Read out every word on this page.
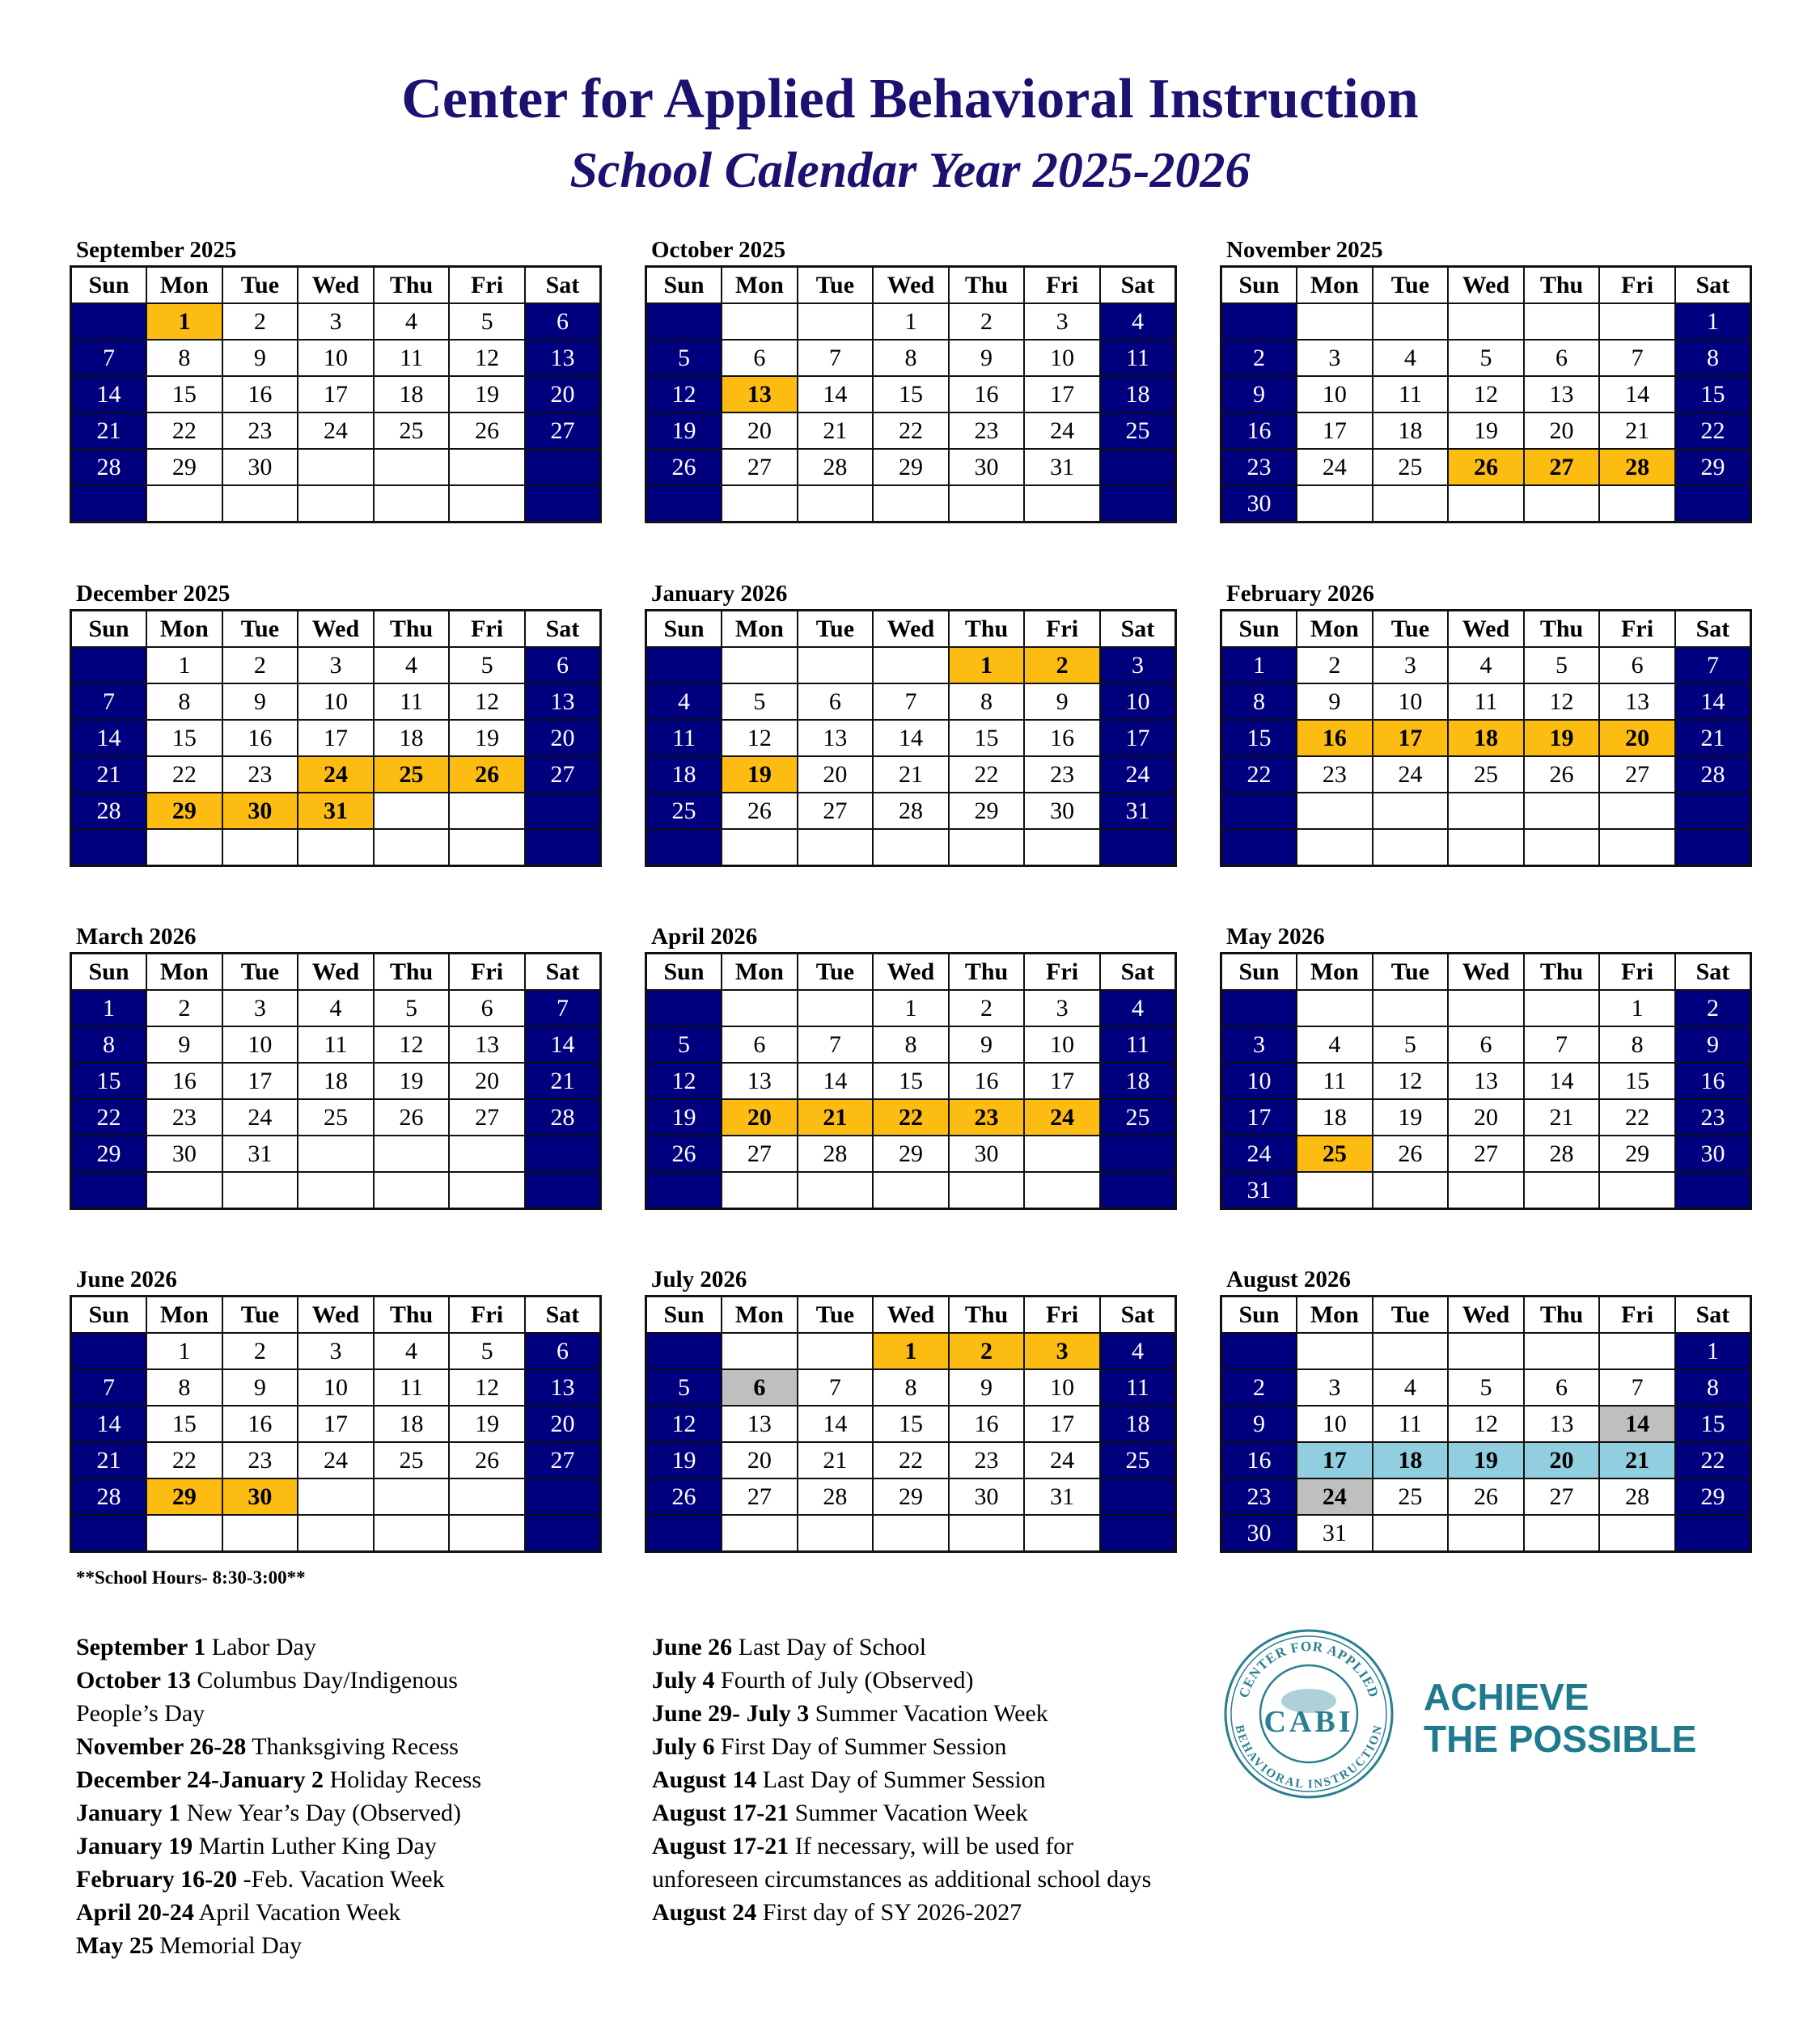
Center for Applied Behavioral Instruction
School Calendar Year 2025-2026
September 2025
Sun	Mon	Tue	Wed	Thu	Fri	Sat
	1	2	3	4	5	6
7	8	9	10	11	12	13
14	15	16	17	18	19	20
21	22	23	24	25	26	27
28	29	30				

October 2025
Sun	Mon	Tue	Wed	Thu	Fri	Sat
			1	2	3	4
5	6	7	8	9	10	11
12	13	14	15	16	17	18
19	20	21	22	23	24	25
26	27	28	29	30	31	

November 2025
Sun	Mon	Tue	Wed	Thu	Fri	Sat
						1
2	3	4	5	6	7	8
9	10	11	12	13	14	15
16	17	18	19	20	21	22
23	24	25	26	27	28	29
30						
December 2025
Sun	Mon	Tue	Wed	Thu	Fri	Sat
	1	2	3	4	5	6
7	8	9	10	11	12	13
14	15	16	17	18	19	20
21	22	23	24	25	26	27
28	29	30	31			

January 2026
Sun	Mon	Tue	Wed	Thu	Fri	Sat
				1	2	3
4	5	6	7	8	9	10
11	12	13	14	15	16	17
18	19	20	21	22	23	24
25	26	27	28	29	30	31

February 2026
Sun	Mon	Tue	Wed	Thu	Fri	Sat
1	2	3	4	5	6	7
8	9	10	11	12	13	14
15	16	17	18	19	20	21
22	23	24	25	26	27	28

March 2026
Sun	Mon	Tue	Wed	Thu	Fri	Sat
1	2	3	4	5	6	7
8	9	10	11	12	13	14
15	16	17	18	19	20	21
22	23	24	25	26	27	28
29	30	31				

April 2026
Sun	Mon	Tue	Wed	Thu	Fri	Sat
			1	2	3	4
5	6	7	8	9	10	11
12	13	14	15	16	17	18
19	20	21	22	23	24	25
26	27	28	29	30		

May 2026
Sun	Mon	Tue	Wed	Thu	Fri	Sat
					1	2
3	4	5	6	7	8	9
10	11	12	13	14	15	16
17	18	19	20	21	22	23
24	25	26	27	28	29	30
31						
June 2026
Sun	Mon	Tue	Wed	Thu	Fri	Sat
	1	2	3	4	5	6
7	8	9	10	11	12	13
14	15	16	17	18	19	20
21	22	23	24	25	26	27
28	29	30				

July 2026
Sun	Mon	Tue	Wed	Thu	Fri	Sat
			1	2	3	4
5	6	7	8	9	10	11
12	13	14	15	16	17	18
19	20	21	22	23	24	25
26	27	28	29	30	31	

August 2026
Sun	Mon	Tue	Wed	Thu	Fri	Sat
						1
2	3	4	5	6	7	8
9	10	11	12	13	14	15
16	17	18	19	20	21	22
23	24	25	26	27	28	29
30	31					
**School Hours- 8:30-3:00**
September 1 Labor Day
October 13 Columbus Day/Indigenous
People’s Day
November 26-28 Thanksgiving Recess
December 24-January 2 Holiday Recess
January 1 New Year’s Day (Observed)
January 19 Martin Luther King Day
February 16-20 -Feb. Vacation Week
April 20-24 April Vacation Week
May 25 Memorial Day
June 26 Last Day of School
July 4 Fourth of July (Observed)
June 29- July 3 Summer Vacation Week
July 6 First Day of Summer Session
August 14 Last Day of Summer Session
August 17-21 Summer Vacation Week
August 17-21 If necessary, will be used for
unforeseen circumstances as additional school days
August 24 First day of SY 2026-2027
CENTER FOR APPLIED
BEHAVIORAL INSTRUCTION
CABI
ACHIEVE
THE POSSIBLE
